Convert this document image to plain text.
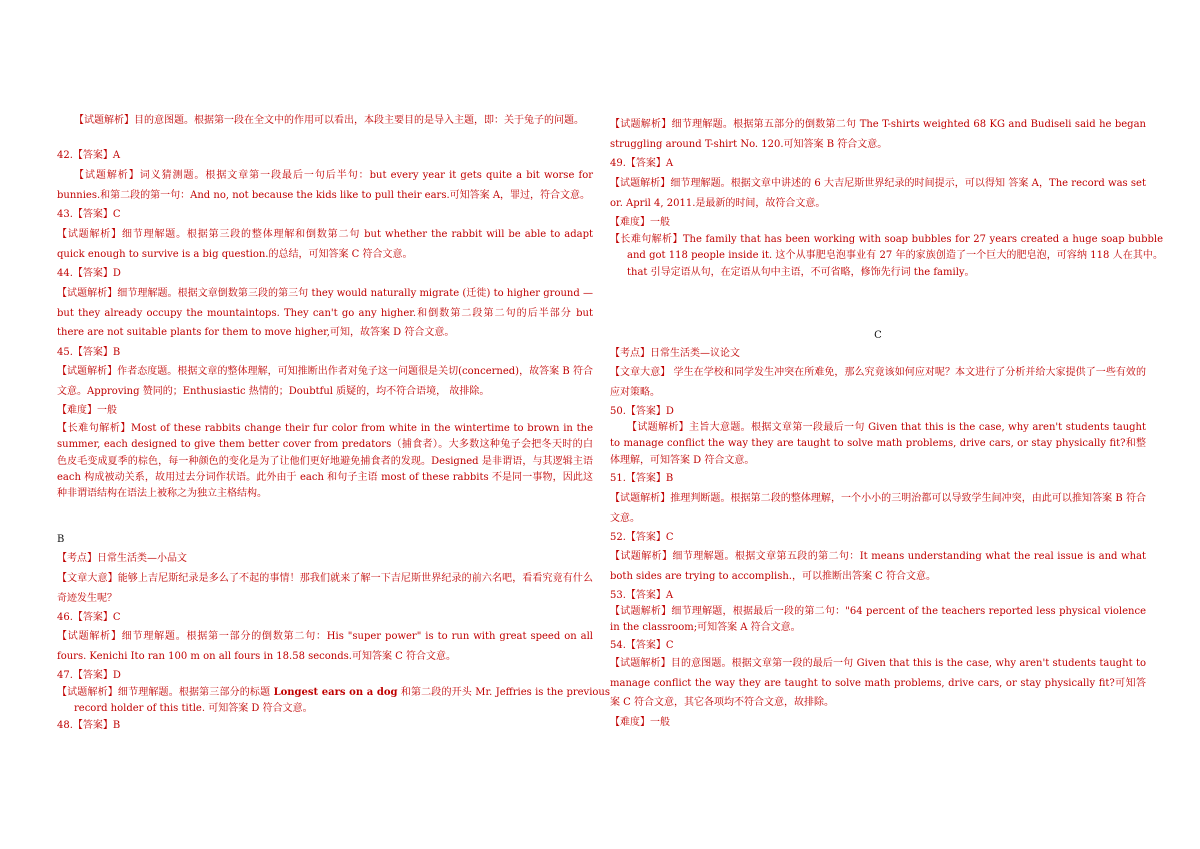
【试题解析】目的意图题。根据第一段在全文中的作用可以看出，本段主要目的是导入主题，即：关于兔子的问题。
42.【答案】A
【试题解析】词义猜测题。根据文章第一段最后一句后半句：but every year it gets quite a bit worse for bunnies.和第二段的第一句：And no, not because the kids like to pull their ears.可知答案 A，罪过，符合文意。
43.【答案】C
【试题解析】细节理解题。根据第三段的整体理解和倒数第二句 but whether the rabbit will be able to adapt quick enough to survive is a big question.的总结，可知答案 C 符合文意。
44.【答案】D
【试题解析】细节理解题。根据文章倒数第三段的第三句 they would naturally migrate (迁徙) to higher ground — but they already occupy the mountaintops. They can't go any higher.和倒数第二段第二句的后半部分 but there are not suitable plants for them to move higher,可知，故答案 D 符合文意。
45.【答案】B
【试题解析】作者态度题。根据文章的整体理解，可知推断出作者对兔子这一问题很是关切(concerned)，故答案 B 符合文意。Approving 赞同的；Enthusiastic 热情的；Doubtful 质疑的，均不符合语境， 故排除。
【难度】一般
【长难句解析】Most of these rabbits change their fur color from white in the wintertime to brown in the summer, each designed to give them better cover from predators（捕食者）。大多数这种兔子会把冬天时的白色皮毛变成夏季的棕色，每一种颜色的变化是为了让他们更好地避免捕食者的发现。Designed 是非谓语，与其逻辑主语 each 构成被动关系，故用过去分词作状语。此外由于 each 和句子主语 most of these rabbits 不是同一事物，因此这种非谓语结构在语法上被称之为独立主格结构。
B
【考点】日常生活类—小品文
【文章大意】能够上吉尼斯纪录是多么了不起的事情！那我们就来了解一下吉尼斯世界纪录的前六名吧，看看究竟有什么奇迹发生呢？
46.【答案】C
【试题解析】细节理解题。根据第一部分的倒数第二句：His "super power" is to run with great speed on all fours. Kenichi Ito ran 100 m on all fours in 18.58 seconds.可知答案 C 符合文意。
47.【答案】D
【试题解析】细节理解题。根据第三部分的标题 Longest ears on a dog 和第二段的开头 Mr. Jeffries is the previous record holder of this title. 可知答案 D 符合文意。
48.【答案】B
【试题解析】细节理解题。根据第五部分的倒数第二句 The T-shirts weighted 68 KG and Budiseli said he began struggling around T-shirt No. 120.可知答案 B 符合文意。
49.【答案】A
【试题解析】细节理解题。根据文章中讲述的 6 大吉尼斯世界纪录的时间提示，可以得知 答案 A，The record was set or. April 4, 2011.是最新的时间，故符合文意。
【难度】一般
【长难句解析】The family that has been working with soap bubbles for 27 years created a huge soap bubble and got 118 people inside it. 这个从事肥皂泡事业有 27 年的家族创造了一个巨大的肥皂泡，可容纳 118 人在其中。that 引导定语从句，在定语从句中主语，不可省略，修饰先行词 the family。
C
【考点】日常生活类—议论文
【文章大意】 学生在学校和同学发生冲突在所难免，那么究竟该如何应对呢？本文进行了分析并给大家提供了一些有效的应对策略。
50.【答案】D
【试题解析】主旨大意题。根据文章第一段最后一句 Given that this is the case, why aren't students taught to manage conflict the way they are taught to solve math problems, drive cars, or stay physically fit?和整体理解，可知答案 D 符合文意。
51.【答案】B
【试题解析】推理判断题。根据第二段的整体理解，一个小小的三明治都可以导致学生间冲突，由此可以推知答案 B 符合文意。
52.【答案】C
【试题解析】细节理解题。根据文章第五段的第二句：It means understanding what the real issue is and what both sides are trying to accomplish.，可以推断出答案 C 符合文意。
53.【答案】A
【试题解析】细节理解题，根据最后一段的第二句："64 percent of the teachers reported less physical violence in the classroom;可知答案 A 符合文意。
54.【答案】C
【试题解析】目的意图题。根据文章第一段的最后一句 Given that this is the case, why aren't students taught to manage conflict the way they are taught to solve math problems, drive cars, or stay physically fit?可知答案 C 符合文意，其它各项均不符合文意，故排除。
【难度】一般
